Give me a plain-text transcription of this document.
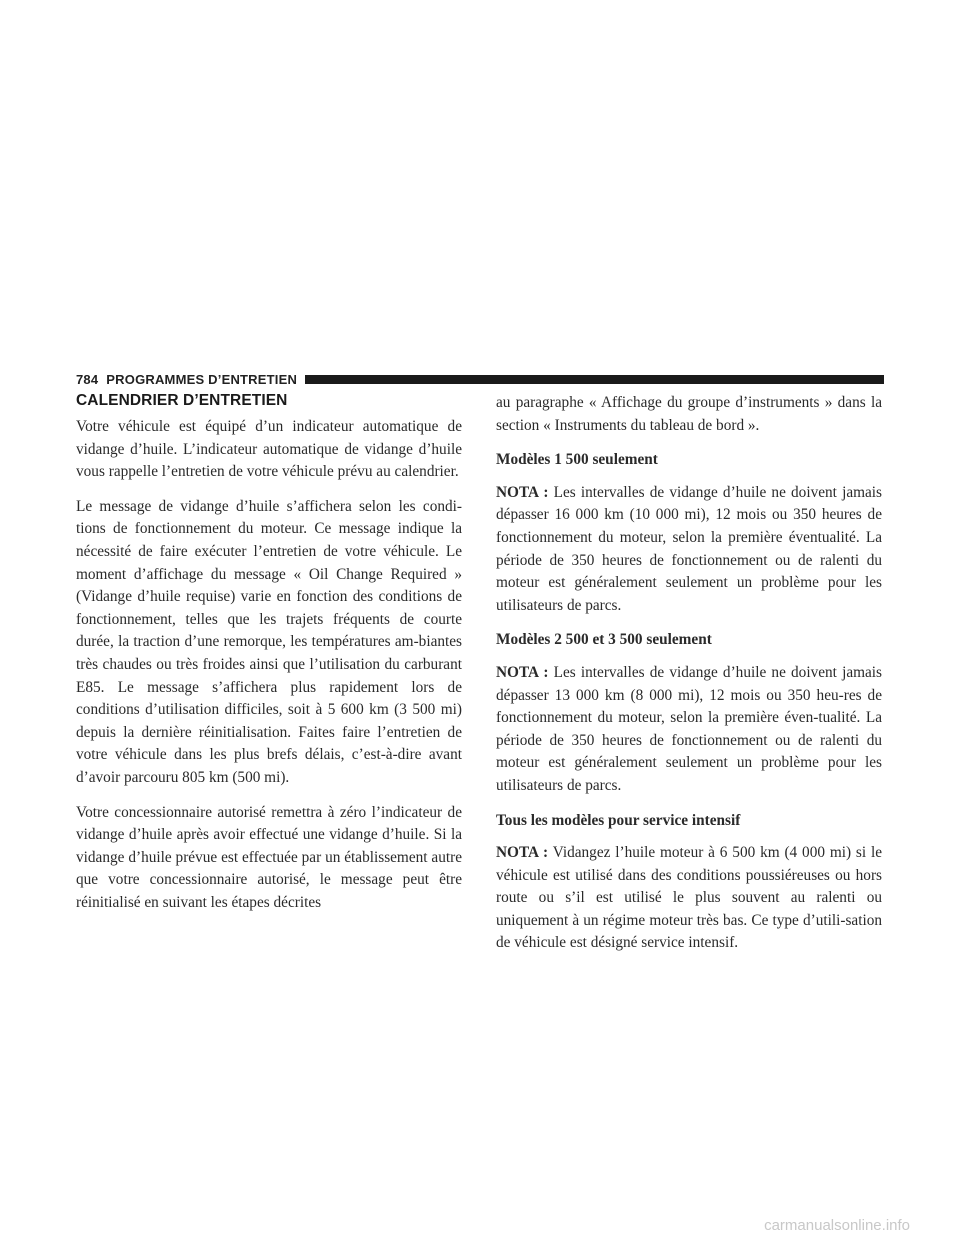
784 PROGRAMMES D’ENTRETIEN
CALENDRIER D’ENTRETIEN

Votre véhicule est équipé d’un indicateur automatique de vidange d’huile. L’indicateur automatique de vidange d’huile vous rappelle l’entretien de votre véhicule prévu au calendrier.

Le message de vidange d’huile s’affichera selon les condi-tions de fonctionnement du moteur. Ce message indique la nécessité de faire exécuter l’entretien de votre véhicule. Le moment d’affichage du message « Oil Change Required » (Vidange d’huile requise) varie en fonction des conditions de fonctionnement, telles que les trajets fréquents de courte durée, la traction d’une remorque, les températures am-biantes très chaudes ou très froides ainsi que l’utilisation du carburant E85. Le message s’affichera plus rapidement lors de conditions d’utilisation difficiles, soit à 5 600 km (3 500 mi) depuis la dernière réinitialisation. Faites faire l’entretien de votre véhicule dans les plus brefs délais, c’est-à-dire avant d’avoir parcouru 805 km (500 mi).

Votre concessionnaire autorisé remettra à zéro l’indicateur de vidange d’huile après avoir effectué une vidange d’huile. Si la vidange d’huile prévue est effectuée par un établissement autre que votre concessionnaire autorisé, le message peut être réinitialisé en suivant les étapes décrites

au paragraphe « Affichage du groupe d’instruments » dans la section « Instruments du tableau de bord ».

Modèles 1 500 seulement

NOTA : Les intervalles de vidange d’huile ne doivent jamais dépasser 16 000 km (10 000 mi), 12 mois ou 350 heures de fonctionnement du moteur, selon la première éventualité. La période de 350 heures de fonctionnement ou de ralenti du moteur est généralement seulement un problème pour les utilisateurs de parcs.

Modèles 2 500 et 3 500 seulement

NOTA : Les intervalles de vidange d’huile ne doivent jamais dépasser 13 000 km (8 000 mi), 12 mois ou 350 heu-res de fonctionnement du moteur, selon la première éven-tualité. La période de 350 heures de fonctionnement ou de ralenti du moteur est généralement seulement un problème pour les utilisateurs de parcs.

Tous les modèles pour service intensif

NOTA : Vidangez l’huile moteur à 6 500 km (4 000 mi) si le véhicule est utilisé dans des conditions poussiéreuses ou hors route ou s’il est utilisé le plus souvent au ralenti ou uniquement à un régime moteur très bas. Ce type d’utili-sation de véhicule est désigné service intensif.

carmanualsonline.info
